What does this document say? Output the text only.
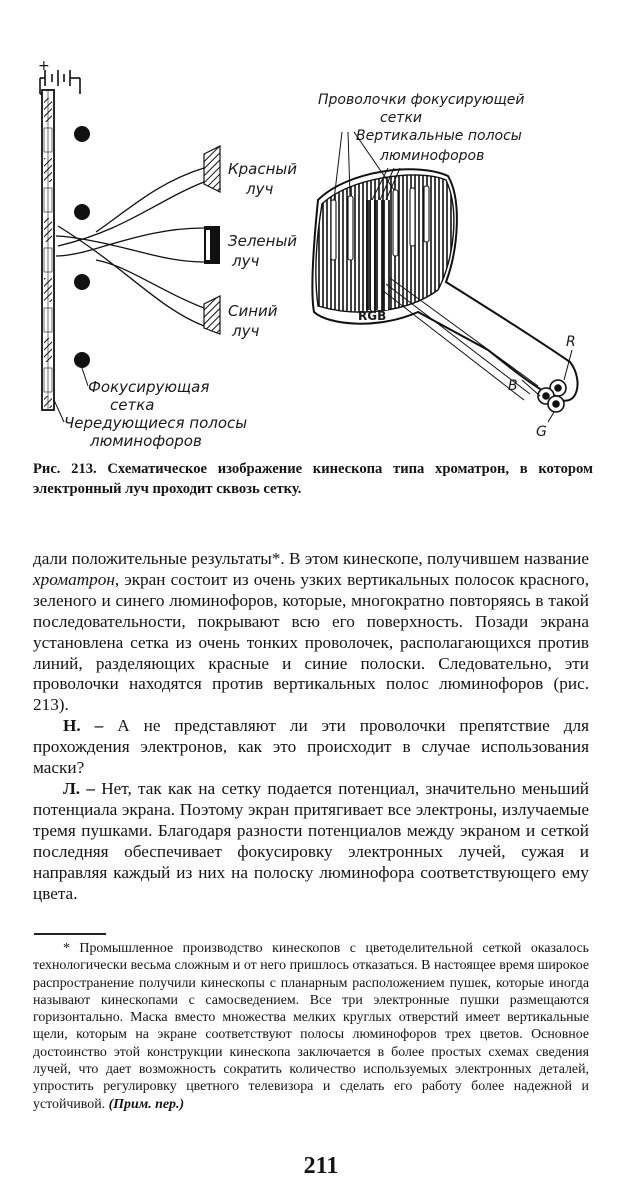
+
Красный
луч
Зеленый
луч
Синий
луч
Фокусирующая
сетка
Чередующиеся полосы
люминофоров
Проволочки фокусирующей
сетки
Вертикальные полосы
люминофоров
RGB
R
B
G
Рис. 213. Схематическое изображение кинескопа типа хроматрон, в котором электронный луч проходит сквозь сетку.

дали положительные результаты*. В этом кинескопе, получившем название хроматрон, экран состоит из очень узких вертикальных полосок красного, зеленого и синего люминофоров, которые, многократно повторяясь в такой последовательности, покрывают всю его поверхность. Позади экрана установлена сетка из очень тонких проволочек, располагающихся против линий, разделяющих красные и синие полоски. Следовательно, эти проволочки находятся против вертикальных полос люминофоров (рис. 213).

Н. – А не представляют ли эти проволочки препятствие для прохождения электронов, как это происходит в случае использования маски?

Л. – Нет, так как на сетку подается потенциал, значительно меньший потенциала экрана. Поэтому экран притягивает все электроны, излучаемые тремя пушками. Благодаря разности потенциалов между экраном и сеткой последняя обеспечивает фокусировку электронных лучей, сужая и направляя каждый из них на полоску люминофора соответствующего ему цвета.

* Промышленное производство кинескопов с цветоделительной сеткой оказалось технологически весьма сложным и от него пришлось отказаться. В настоящее время широкое распространение получили кинескопы с планарным расположением пушек, которые иногда называют кинескопами с самосведением. Все три электронные пушки размещаются горизонтально. Маска вместо множества мелких круглых отверстий имеет вертикальные щели, которым на экране соответствуют полосы люминофоров трех цветов. Основное достоинство этой конструкции кинескопа заключается в более простых схемах сведения лучей, что дает возможность сократить количество используемых электронных деталей, упростить регулировку цветного телевизора и сделать его работу более надежной и устойчивой. (Прим. пер.)

211
